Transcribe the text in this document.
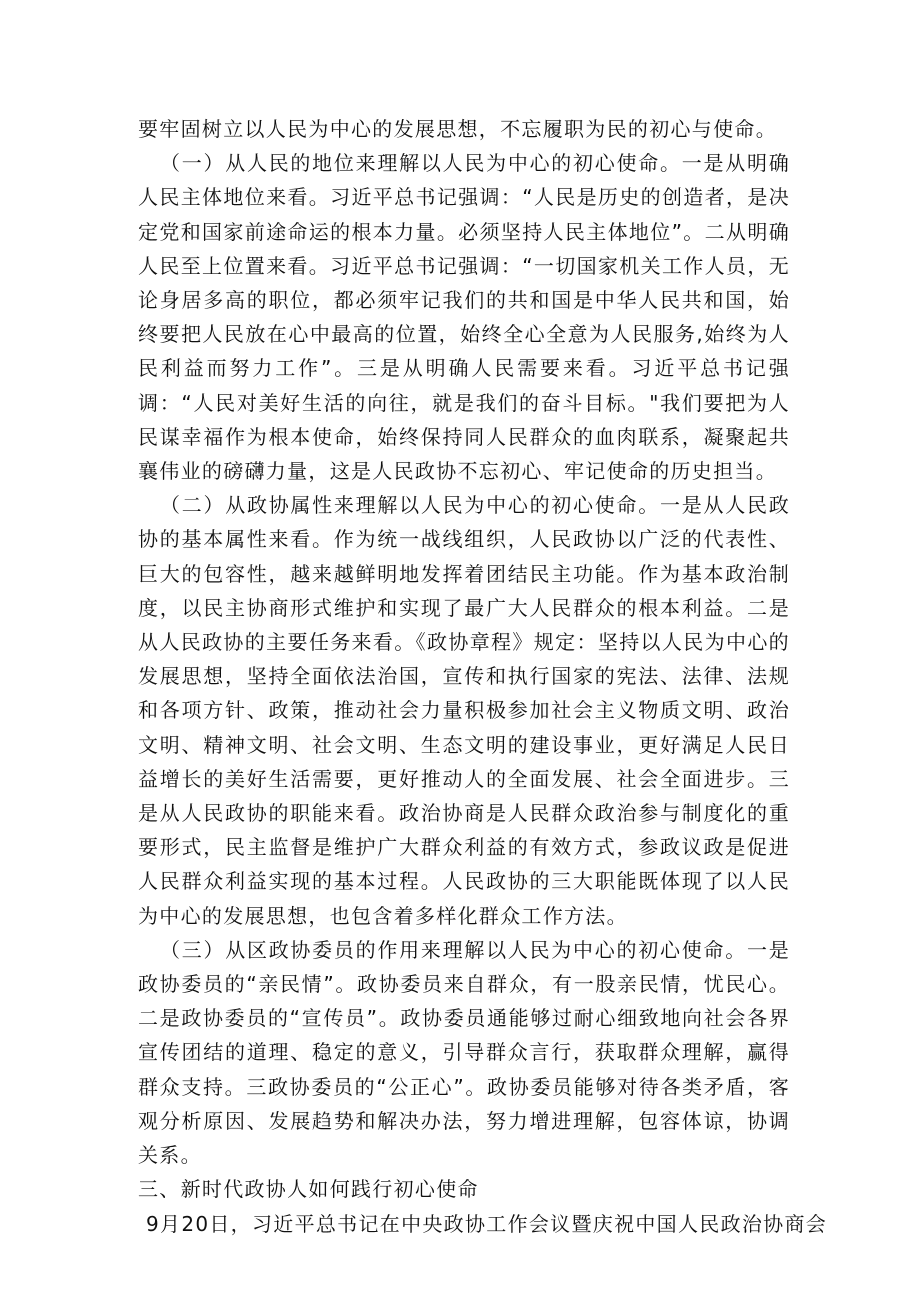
要牢固树立以人民为中心的发展思想，不忘履职为民的初心与使命。

（一）从人民的地位来理解以人民为中心的初心使命。一是从明确人民主体地位来看。习近平总书记强调：“人民是历史的创造者，是决定党和国家前途命运的根本力量。必须坚持人民主体地位”。二从明确人民至上位置来看。习近平总书记强调：“一切国家机关工作人员，无论身居多高的职位，都必须牢记我们的共和国是中华人民共和国，始终要把人民放在心中最高的位置，始终全心全意为人民服务,始终为人民利益而努力工作”。三是从明确人民需要来看。习近平总书记强调：“人民对美好生活的向往，就是我们的奋斗目标。"我们要把为人民谋幸福作为根本使命，始终保持同人民群众的血肉联系，凝聚起共襄伟业的磅礴力量，这是人民政协不忘初心、牢记使命的历史担当。

（二）从政协属性来理解以人民为中心的初心使命。一是从人民政协的基本属性来看。作为统一战线组织，人民政协以广泛的代表性、巨大的包容性，越来越鲜明地发挥着团结民主功能。作为基本政治制度，以民主协商形式维护和实现了最广大人民群众的根本利益。二是从人民政协的主要任务来看。《政协章程》规定：坚持以人民为中心的发展思想，坚持全面依法治国，宣传和执行国家的宪法、法律、法规和各项方针、政策，推动社会力量积极参加社会主义物质文明、政治文明、精神文明、社会文明、生态文明的建设事业，更好满足人民日益增长的美好生活需要，更好推动人的全面发展、社会全面进步。三是从人民政协的职能来看。政治协商是人民群众政治参与制度化的重要形式，民主监督是维护广大群众利益的有效方式，参政议政是促进人民群众利益实现的基本过程。人民政协的三大职能既体现了以人民为中心的发展思想，也包含着多样化群众工作方法。

（三）从区政协委员的作用来理解以人民为中心的初心使命。一是政协委员的“亲民情”。政协委员来自群众，有一股亲民情，忧民心。二是政协委员的“宣传员”。政协委员通能够过耐心细致地向社会各界宣传团结的道理、稳定的意义，引导群众言行，获取群众理解，赢得群众支持。三政协委员的“公正心”。政协委员能够对待各类矛盾，客观分析原因、发展趋势和解决办法，努力增进理解，包容体谅，协调关系。

三、新时代政协人如何践行初心使命

9月20日，习近平总书记在中央政协工作会议暨庆祝中国人民政治协商会
